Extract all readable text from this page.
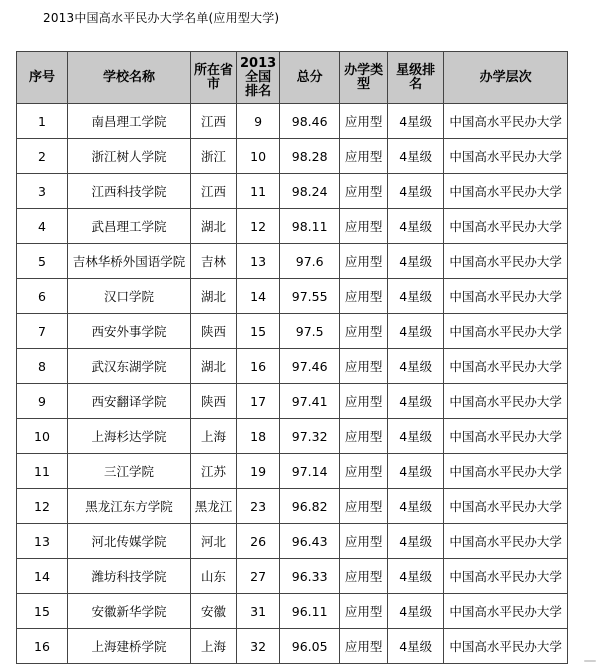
2013中国高水平民办大学名单(应用型大学)
序号	学校名称	所在省市	2013全国排名	总分	办学类型	星级排名	办学层次
1	南昌理工学院	江西	9	98.46	应用型	4星级	中国高水平民办大学
2	浙江树人学院	浙江	10	98.28	应用型	4星级	中国高水平民办大学
3	江西科技学院	江西	11	98.24	应用型	4星级	中国高水平民办大学
4	武昌理工学院	湖北	12	98.11	应用型	4星级	中国高水平民办大学
5	吉林华桥外国语学院	吉林	13	97.6	应用型	4星级	中国高水平民办大学
6	汉口学院	湖北	14	97.55	应用型	4星级	中国高水平民办大学
7	西安外事学院	陕西	15	97.5	应用型	4星级	中国高水平民办大学
8	武汉东湖学院	湖北	16	97.46	应用型	4星级	中国高水平民办大学
9	西安翻译学院	陕西	17	97.41	应用型	4星级	中国高水平民办大学
10	上海杉达学院	上海	18	97.32	应用型	4星级	中国高水平民办大学
11	三江学院	江苏	19	97.14	应用型	4星级	中国高水平民办大学
12	黑龙江东方学院	黑龙江	23	96.82	应用型	4星级	中国高水平民办大学
13	河北传媒学院	河北	26	96.43	应用型	4星级	中国高水平民办大学
14	潍坊科技学院	山东	27	96.33	应用型	4星级	中国高水平民办大学
15	安徽新华学院	安徽	31	96.11	应用型	4星级	中国高水平民办大学
16	上海建桥学院	上海	32	96.05	应用型	4星级	中国高水平民办大学
